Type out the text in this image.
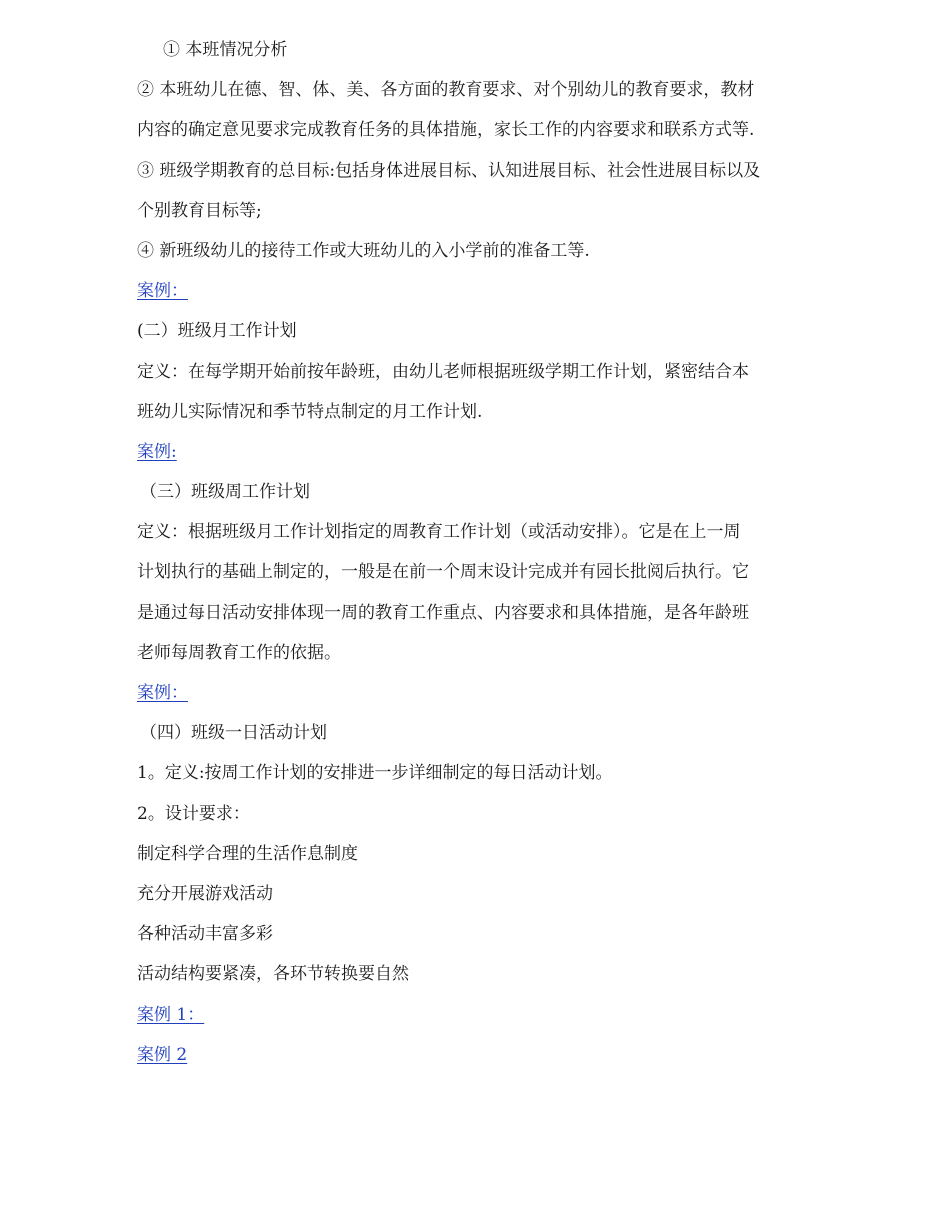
① 本班情况分析
② 本班幼儿在德、智、体、美、各方面的教育要求、对个别幼儿的教育要求，教材
内容的确定意见要求完成教育任务的具体措施，家长工作的内容要求和联系方式等.
③ 班级学期教育的总目标:包括身体进展目标、认知进展目标、社会性进展目标以及
个别教育目标等;
④ 新班级幼儿的接待工作或大班幼儿的入小学前的准备工等.
案例：
(二）班级月工作计划
定义：在每学期开始前按年龄班，由幼儿老师根据班级学期工作计划，紧密结合本
班幼儿实际情况和季节特点制定的月工作计划.
案例:
（三）班级周工作计划
定义：根据班级月工作计划指定的周教育工作计划（或活动安排）。它是在上一周
计划执行的基础上制定的，一般是在前一个周末设计完成并有园长批阅后执行。它
是通过每日活动安排体现一周的教育工作重点、内容要求和具体措施，是各年龄班
老师每周教育工作的依据。
案例：
（四）班级一日活动计划
1。定义:按周工作计划的安排进一步详细制定的每日活动计划。
2。设计要求：
制定科学合理的生活作息制度
充分开展游戏活动
各种活动丰富多彩
活动结构要紧凑，各环节转换要自然
案例 1：
案例 2
